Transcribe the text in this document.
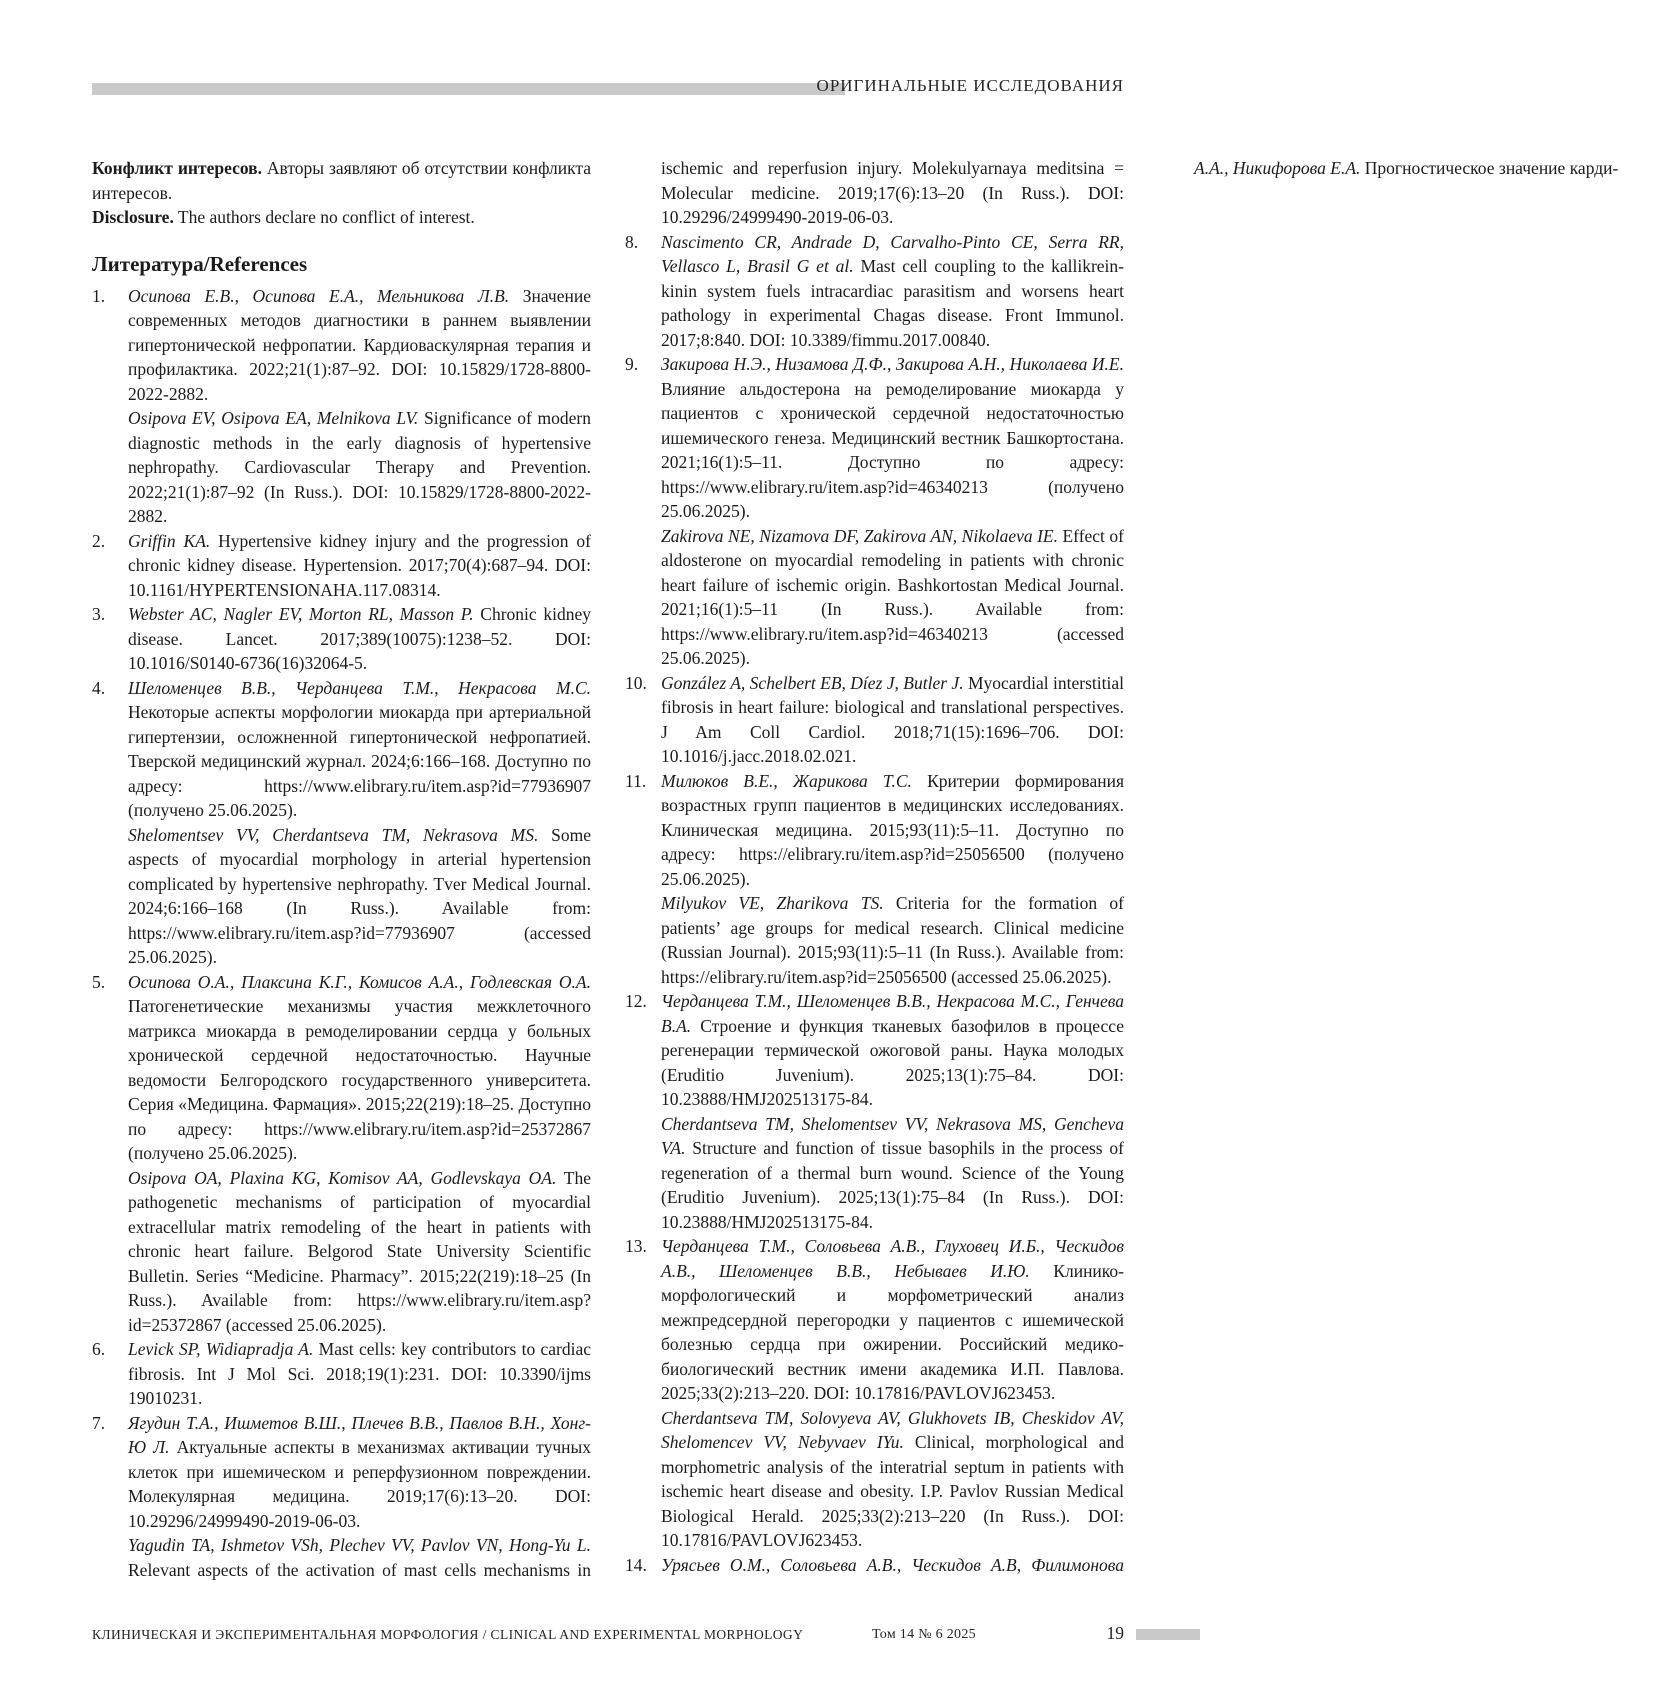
ОРИГИНАЛЬНЫЕ ИССЛЕДОВАНИЯ

Конфликт интересов. Авторы заявляют об отсутствии конфликта интересов.

Disclosure. The authors declare no conflict of interest.

Литература/References
1. Осипова Е.В., Осипова Е.А., Мельникова Л.В. Значение современных методов диагностики в раннем выявлении гипертонической нефропатии. Кардиоваскулярная терапия и профилактика. 2022;21(1):87–92. DOI: 10.15829/1728-8800-2022-2882.
Osipova EV, Osipova EA, Melnikova LV. Significance of modern diagnostic methods in the early diagnosis of hypertensive nephropathy. Cardiovascular Therapy and Prevention. 2022;21(1):87–92 (In Russ.). DOI: 10.15829/1728-8800-2022-2882.
2. Griffin KA. Hypertensive kidney injury and the progression of chronic kidney disease. Hypertension. 2017;70(4):687–94. DOI: 10.1161/HYPERTENSIONAHA.117.08314.
3. Webster AC, Nagler EV, Morton RL, Masson P. Chronic kidney disease. Lancet. 2017;389(10075):1238–52. DOI: 10.1016/S0140-6736(16)32064-5.
4. Шеломенцев В.В., Черданцева Т.М., Некрасова М.С. Некоторые аспекты морфологии миокарда при артериальной гипертензии, осложненной гипертонической нефропатией. Тверской медицинский журнал. 2024;6:166–168. Доступно по адресу: https://www.elibrary.ru/item.asp?id=77936907 (получено 25.06.2025).
Shelomentsev VV, Cherdantseva TM, Nekrasova MS. Some aspects of myocardial morphology in arterial hypertension complicated by hypertensive nephropathy. Tver Medical Journal. 2024;6:166–168 (In Russ.). Available from: https://www.elibrary.ru/item.asp?id=77936907 (accessed 25.06.2025).
5. Осипова О.А., Плаксина К.Г., Комисов А.А., Годлевская О.А. Патогенетические механизмы участия межклеточного матрикса миокарда в ремоделировании сердца у больных хронической сердечной недостаточностью. Научные ведомости Белгородского государственного университета. Серия «Медицина. Фармация». 2015;22(219):18–25. Доступно по адресу: https://www.elibrary.ru/item.asp?id=25372867 (получено 25.06.2025).
Osipova OA, Plaxina KG, Komisov AA, Godlevskaya OA. The pathogenetic mechanisms of participation of myocardial extracellular matrix remodeling of the heart in patients with chronic heart failure. Belgorod State University Scientific Bulletin. Series “Medicine. Pharmacy”. 2015;22(219):18–25 (In Russ.). Available from: https://www.elibrary.ru/item.asp?id=25372867 (accessed 25.06.2025).
6. Levick SP, Widiapradja A. Mast cells: key contributors to cardiac fibrosis. Int J Mol Sci. 2018;19(1):231. DOI: 10.3390/ijms 19010231.
7. Ягудин Т.А., Ишметов В.Ш., Плечев В.В., Павлов В.Н., Хонг-Ю Л. Актуальные аспекты в механизмах активации тучных клеток при ишемическом и реперфузионном повреждении. Молекулярная медицина. 2019;17(6):13–20. DOI: 10.29296/24999490-2019-06-03.
Yagudin TA, Ishmetov VSh, Plechev VV, Pavlov VN, Hong-Yu L. Relevant aspects of the activation of mast cells mechanisms in ischemic and reperfusion injury. Molekulyarnaya meditsina = Molecular medicine. 2019;17(6):13–20 (In Russ.). DOI: 10.29296/24999490-2019-06-03.
8. Nascimento CR, Andrade D, Carvalho-Pinto CE, Serra RR, Vellasco L, Brasil G et al. Mast cell coupling to the kallikrein-kinin system fuels intracardiac parasitism and worsens heart pathology in experimental Chagas disease. Front Immunol. 2017;8:840. DOI: 10.3389/fimmu.2017.00840.
9. Закирова Н.Э., Низамова Д.Ф., Закирова А.Н., Николаева И.Е. Влияние альдостерона на ремоделирование миокарда у пациентов с хронической сердечной недостаточностью ишемического генеза. Медицинский вестник Башкортостана. 2021;16(1):5–11. Доступно по адресу: https://www.elibrary.ru/item.asp?id=46340213 (получено 25.06.2025).
Zakirova NE, Nizamova DF, Zakirova AN, Nikolaeva IE. Effect of aldosterone on myocardial remodeling in patients with chronic heart failure of ischemic origin. Bashkortostan Medical Journal. 2021;16(1):5–11 (In Russ.). Available from: https://www.elibrary.ru/item.asp?id=46340213 (accessed 25.06.2025).
10. González A, Schelbert EB, Díez J, Butler J. Myocardial interstitial fibrosis in heart failure: biological and translational perspectives. J Am Coll Cardiol. 2018;71(15):1696–706. DOI: 10.1016/j.jacc.2018.02.021.
11. Милюков В.Е., Жарикова Т.С. Критерии формирования возрастных групп пациентов в медицинских исследованиях. Клиническая медицина. 2015;93(11):5–11. Доступно по адресу: https://elibrary.ru/item.asp?id=25056500 (получено 25.06.2025).
Milyukov VE, Zharikova TS. Criteria for the formation of patients’ age groups for medical research. Clinical medicine (Russian Journal). 2015;93(11):5–11 (In Russ.). Available from: https://elibrary.ru/item.asp?id=25056500 (accessed 25.06.2025).
12. Черданцева Т.М., Шеломенцев В.В., Некрасова М.С., Генчева В.А. Строение и функция тканевых базофилов в процессе регенерации термической ожоговой раны. Наука молодых (Eruditio Juvenium). 2025;13(1):75–84. DOI: 10.23888/HMJ202513175-84.
Cherdantseva TM, Shelomentsev VV, Nekrasova MS, Gencheva VA. Structure and function of tissue basophils in the process of regeneration of a thermal burn wound. Science of the Young (Eruditio Juvenium). 2025;13(1):75–84 (In Russ.). DOI: 10.23888/HMJ202513175-84.
13. Черданцева Т.М., Соловьева А.В., Глуховец И.Б., Ческидов А.В., Шеломенцев В.В., Небываев И.Ю. Клинико-морфологический и морфометрический анализ межпредсердной перегородки у пациентов с ишемической болезнью сердца при ожирении. Российский медико-биологический вестник имени академика И.П. Павлова. 2025;33(2):213–220. DOI: 10.17816/PAVLOVJ623453.
Cherdantseva TM, Solovyeva AV, Glukhovets IB, Cheskidov AV, Shelomencev VV, Nebyvaev IYu. Clinical, morphological and morphometric analysis of the interatrial septum in patients with ischemic heart disease and obesity. I.P. Pavlov Russian Medical Biological Herald. 2025;33(2):213–220 (In Russ.). DOI: 10.17816/PAVLOVJ623453.
14. Урясьев О.М., Соловьева А.В., Ческидов А.В, Филимонова А.А., Никифорова Е.А. Прогностическое значение карди-
КЛИНИЧЕСКАЯ И ЭКСПЕРИМЕНТАЛЬНАЯ МОРФОЛОГИЯ / CLINICAL AND EXPERIMENTAL MORPHOLOGY	Том 14 № 6 2025	19
